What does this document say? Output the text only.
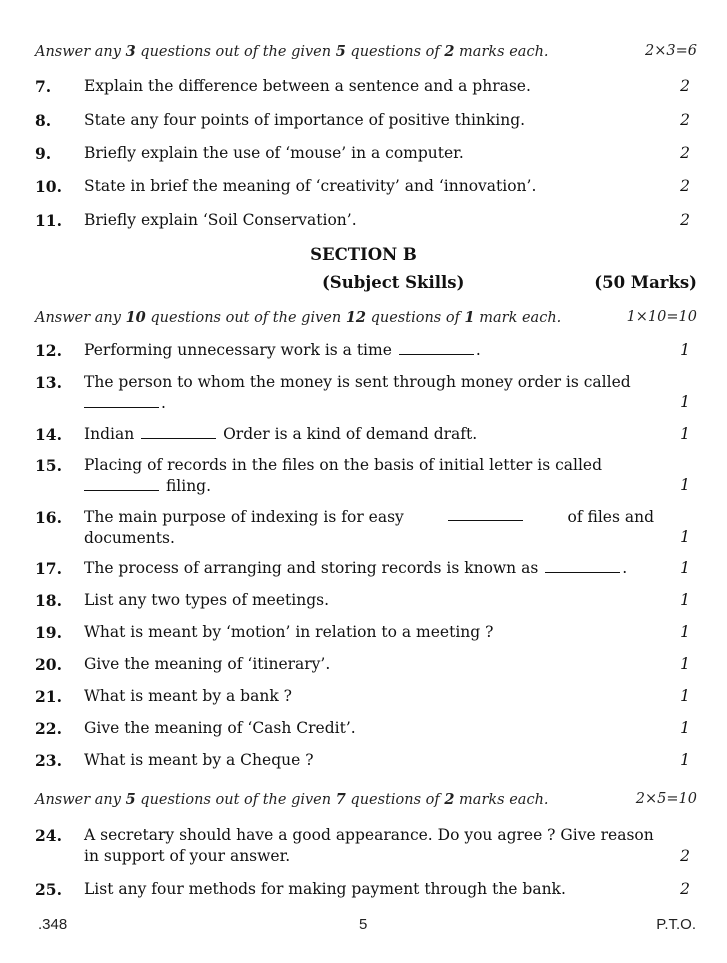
Answer any 3 questions out of the given 5 questions of 2 marks each.	2×3=6
7. Explain the difference between a sentence and a phrase.	2
8. State any four points of importance of positive thinking.	2
9. Briefly explain the use of ‘mouse’ in a computer.	2
10. State in brief the meaning of ‘creativity’ and ‘innovation’.	2
11. Briefly explain ‘Soil Conservation’.	2
SECTION B
(Subject Skills)	(50 Marks)
Answer any 10 questions out of the given 12 questions of 1 mark each.	1×10=10
12. Performing unnecessary work is a time	.	1
13. The person to whom the money is sent through money order is called
.	1
14. Indian	Order is a kind of demand draft.	1
15. Placing of records in the files on the basis of initial letter is called
filing.	1
16. The main purpose of indexing is for easy	of files and
documents.	1
17. The process of arranging and storing records is known as	.	1
18. List any two types of meetings.	1
19. What is meant by ‘motion’ in relation to a meeting ?	1
20. Give the meaning of ‘itinerary’.	1
21. What is meant by a bank ?	1
22. Give the meaning of ‘Cash Credit’.	1
23. What is meant by a Cheque ?	1
Answer any 5 questions out of the given 7 questions of 2 marks each.	2×5=10
24. A secretary should have a good appearance. Do you agree ? Give reason
in support of your answer.	2
25. List any four methods for making payment through the bank.	2
.348	5	P.T.O.
